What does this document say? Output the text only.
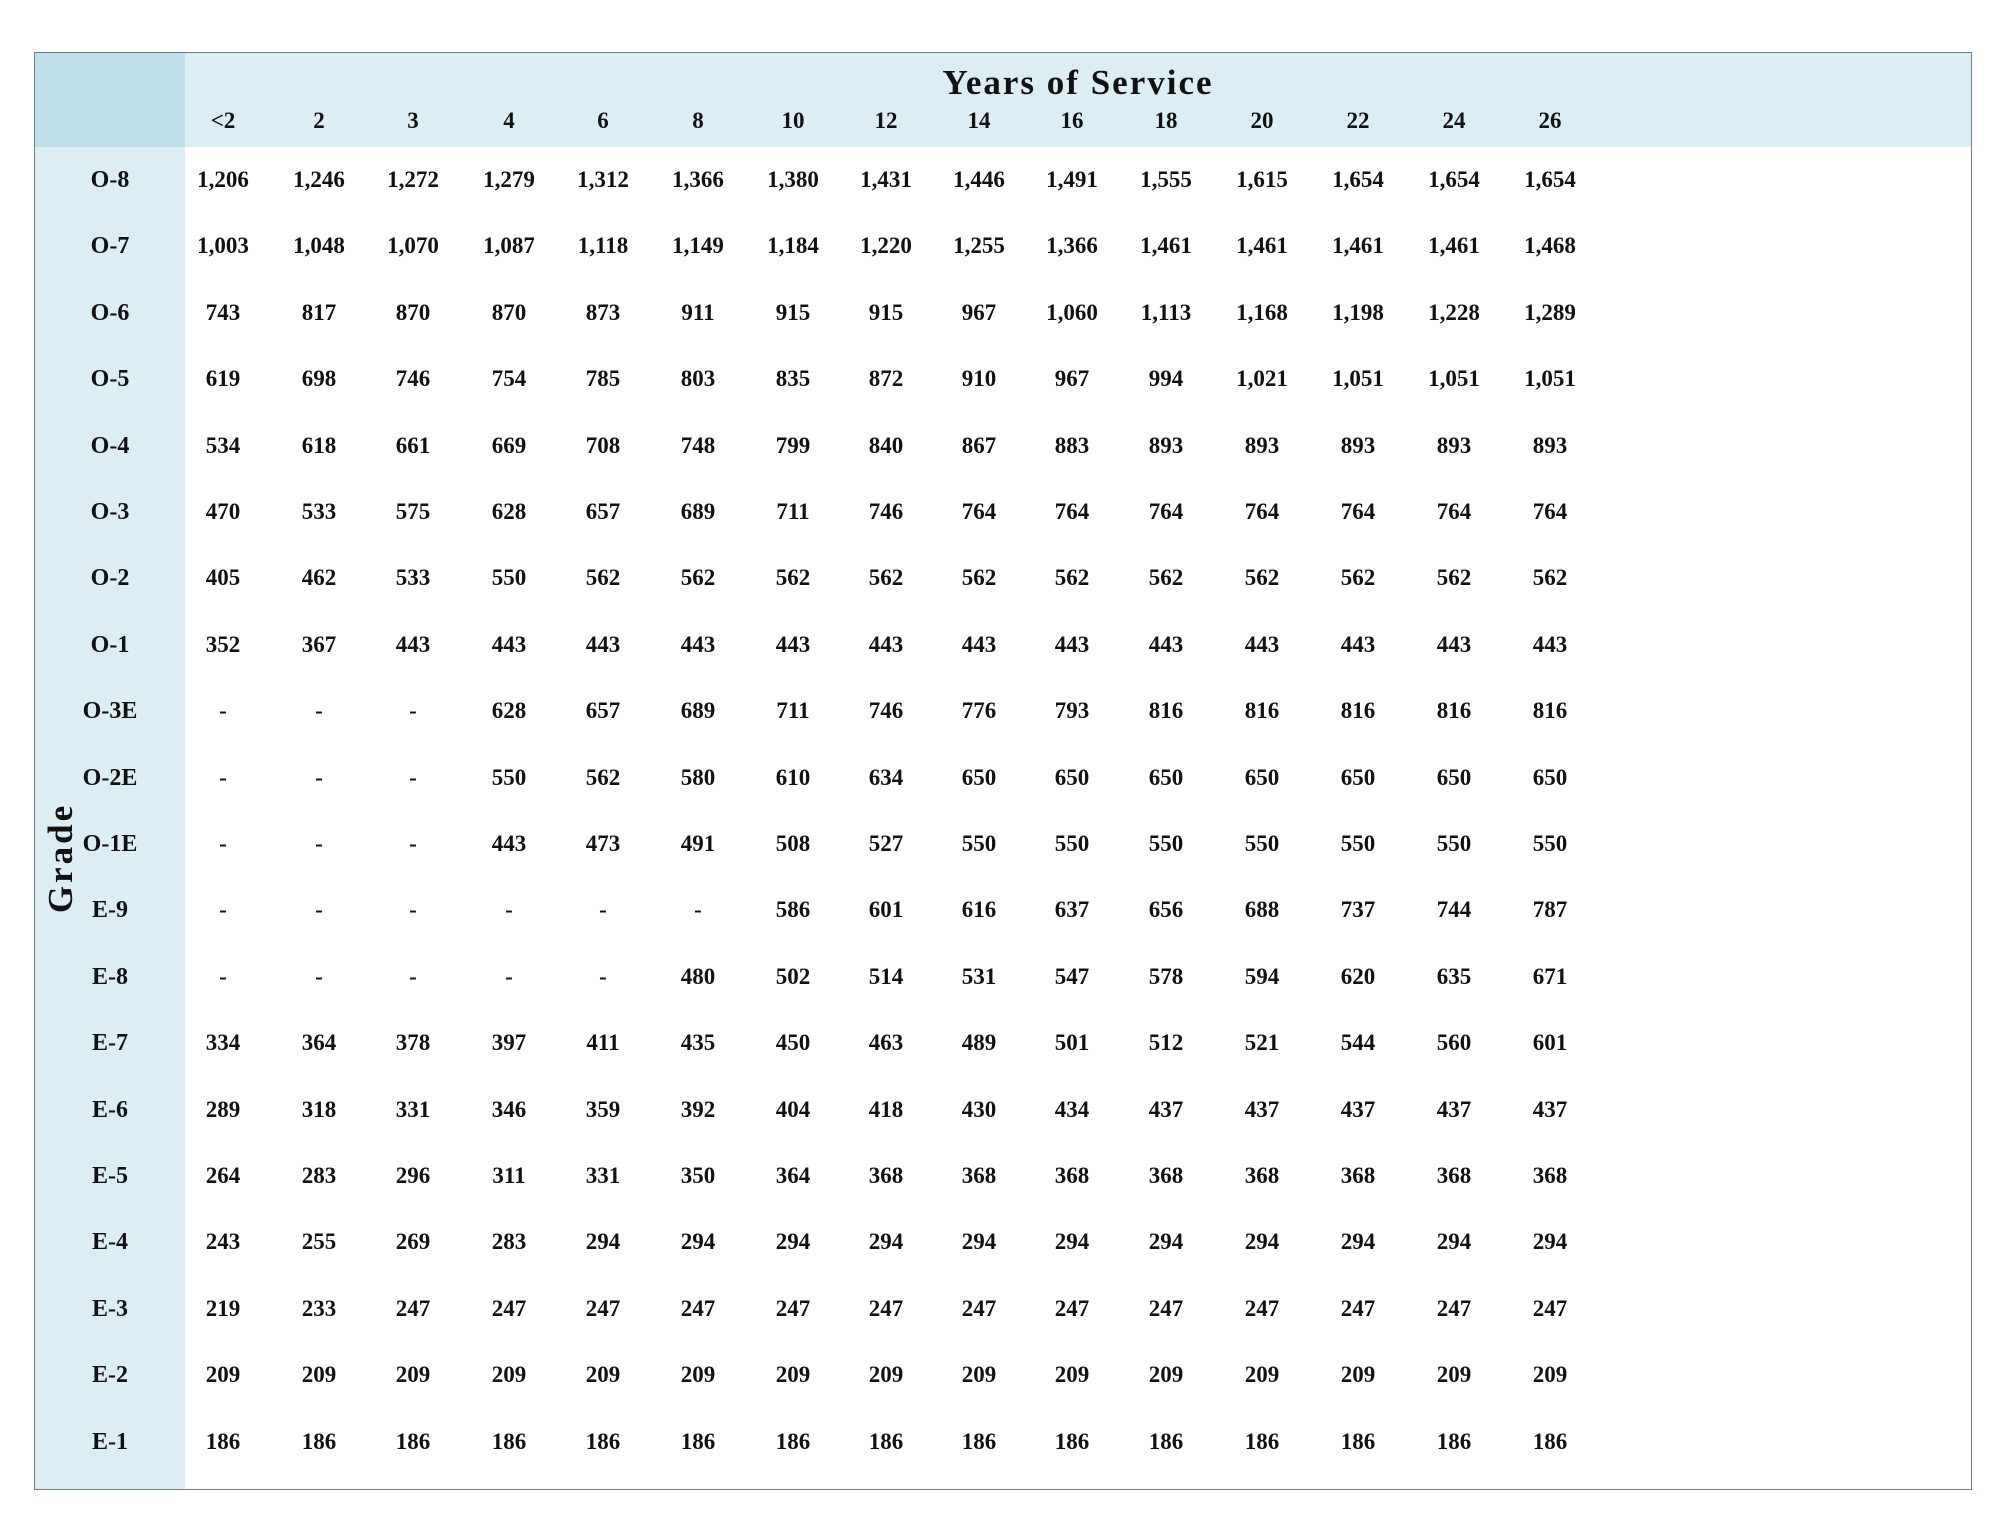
Years of Service
Grade
<2	2	3	4	6	8	10	12	14	16	18	20	22	24	26
O-8	1,206	1,246	1,272	1,279	1,312	1,366	1,380	1,431	1,446	1,491	1,555	1,615	1,654	1,654	1,654
O-7	1,003	1,048	1,070	1,087	1,118	1,149	1,184	1,220	1,255	1,366	1,461	1,461	1,461	1,461	1,468
O-6	743	817	870	870	873	911	915	915	967	1,060	1,113	1,168	1,198	1,228	1,289
O-5	619	698	746	754	785	803	835	872	910	967	994	1,021	1,051	1,051	1,051
O-4	534	618	661	669	708	748	799	840	867	883	893	893	893	893	893
O-3	470	533	575	628	657	689	711	746	764	764	764	764	764	764	764
O-2	405	462	533	550	562	562	562	562	562	562	562	562	562	562	562
O-1	352	367	443	443	443	443	443	443	443	443	443	443	443	443	443
O-3E	-	-	-	628	657	689	711	746	776	793	816	816	816	816	816
O-2E	-	-	-	550	562	580	610	634	650	650	650	650	650	650	650
O-1E	-	-	-	443	473	491	508	527	550	550	550	550	550	550	550
E-9	-	-	-	-	-	-	586	601	616	637	656	688	737	744	787
E-8	-	-	-	-	-	480	502	514	531	547	578	594	620	635	671
E-7	334	364	378	397	411	435	450	463	489	501	512	521	544	560	601
E-6	289	318	331	346	359	392	404	418	430	434	437	437	437	437	437
E-5	264	283	296	311	331	350	364	368	368	368	368	368	368	368	368
E-4	243	255	269	283	294	294	294	294	294	294	294	294	294	294	294
E-3	219	233	247	247	247	247	247	247	247	247	247	247	247	247	247
E-2	209	209	209	209	209	209	209	209	209	209	209	209	209	209	209
E-1	186	186	186	186	186	186	186	186	186	186	186	186	186	186	186
